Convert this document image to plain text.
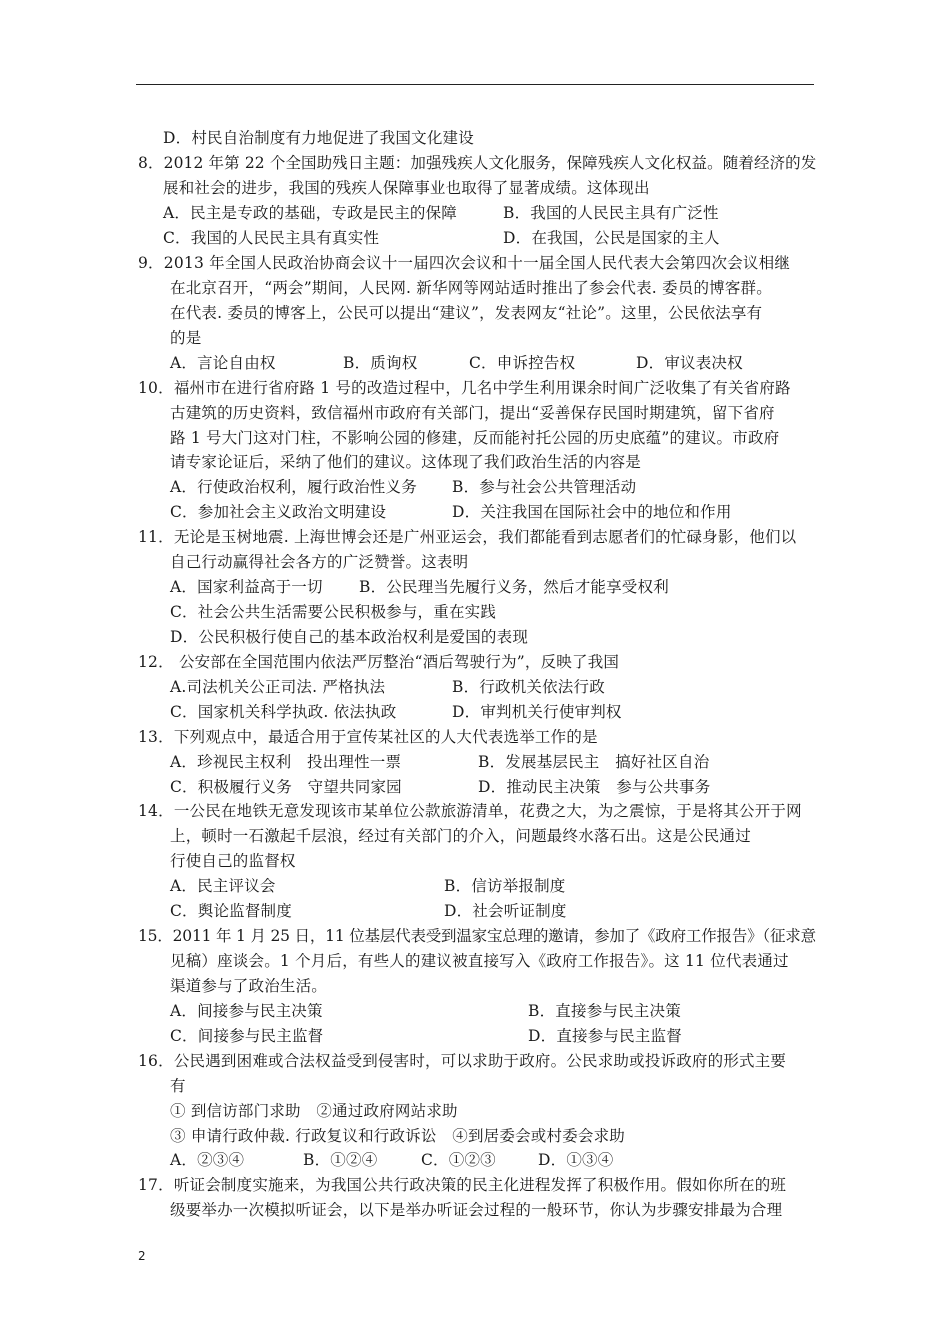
D．村民自治制度有力地促进了我国文化建设
8．2012 年第 22 个全国助残日主题：加强残疾人文化服务，保障残疾人文化权益。随着经济的发
展和社会的进步，我国的残疾人保障事业也取得了显著成绩。这体现出
A．民主是专政的基础，专政是民主的保障	B．我国的人民民主具有广泛性
C．我国的人民民主具有真实性	D．在我国，公民是国家的主人
9．2013 年全国人民政治协商会议十一届四次会议和十一届全国人民代表大会第四次会议相继
在北京召开，“两会”期间，人民网. 新华网等网站适时推出了参会代表. 委员的博客群。
在代表. 委员的博客上，公民可以提出“建议”，发表网友“社论”。这里，公民依法享有
的是
A．言论自由权	B．质询权	C．申诉控告权	D．审议表决权
10．福州市在进行省府路 1 号的改造过程中，几名中学生利用课余时间广泛收集了有关省府路
古建筑的历史资料，致信福州市政府有关部门，提出“妥善保存民国时期建筑，留下省府
路 1 号大门这对门柱，不影响公园的修建，反而能衬托公园的历史底蕴”的建议。市政府
请专家论证后，采纳了他们的建议。这体现了我们政治生活的内容是
A．行使政治权利，履行政治性义务 B．参与社会公共管理活动
C．参加社会主义政治文明建设	D．关注我国在国际社会中的地位和作用
11．无论是玉树地震. 上海世博会还是广州亚运会，我们都能看到志愿者们的忙碌身影，他们以
自己行动赢得社会各方的广泛赞誉。这表明
A．国家利益高于一切 B．公民理当先履行义务，然后才能享受权利
C．社会公共生活需要公民积极参与，重在实践
D．公民积极行使自己的基本政治权利是爱国的表现
12． 公安部在全国范围内依法严厉整治“酒后驾驶行为”，反映了我国
A.司法机关公正司法. 严格执法	B．行政机关依法行政
C．国家机关科学执政. 依法执政	D．审判机关行使审判权
13．下列观点中，最适合用于宣传某社区的人大代表选举工作的是
A．珍视民主权利　投出理性一票	B．发展基层民主　搞好社区自治
C．积极履行义务　守望共同家园	D．推动民主决策　参与公共事务
14．一公民在地铁无意发现该市某单位公款旅游清单，花费之大，为之震惊，于是将其公开于网
上，顿时一石激起千层浪，经过有关部门的介入，问题最终水落石出。这是公民通过
行使自己的监督权
A．民主评议会	B．信访举报制度
C．舆论监督制度	D．社会听证制度
15．2011 年 1 月 25 日，11 位基层代表受到温家宝总理的邀请，参加了《政府工作报告》（征求意
见稿）座谈会。1 个月后，有些人的建议被直接写入《政府工作报告》。这 11 位代表通过
渠道参与了政治生活。
A．间接参与民主决策	B．直接参与民主决策
C．间接参与民主监督	D．直接参与民主监督
16．公民遇到困难或合法权益受到侵害时，可以求助于政府。公民求助或投诉政府的形式主要
有
① 到信访部门求助　②通过政府网站求助
③ 申请行政仲裁. 行政复议和行政诉讼　④到居委会或村委会求助
A．②③④	B．①②④	C．①②③	D．①③④
17．听证会制度实施来，为我国公共行政决策的民主化进程发挥了积极作用。假如你所在的班
级要举办一次模拟听证会，以下是举办听证会过程的一般环节，你认为步骤安排最为合理
2
